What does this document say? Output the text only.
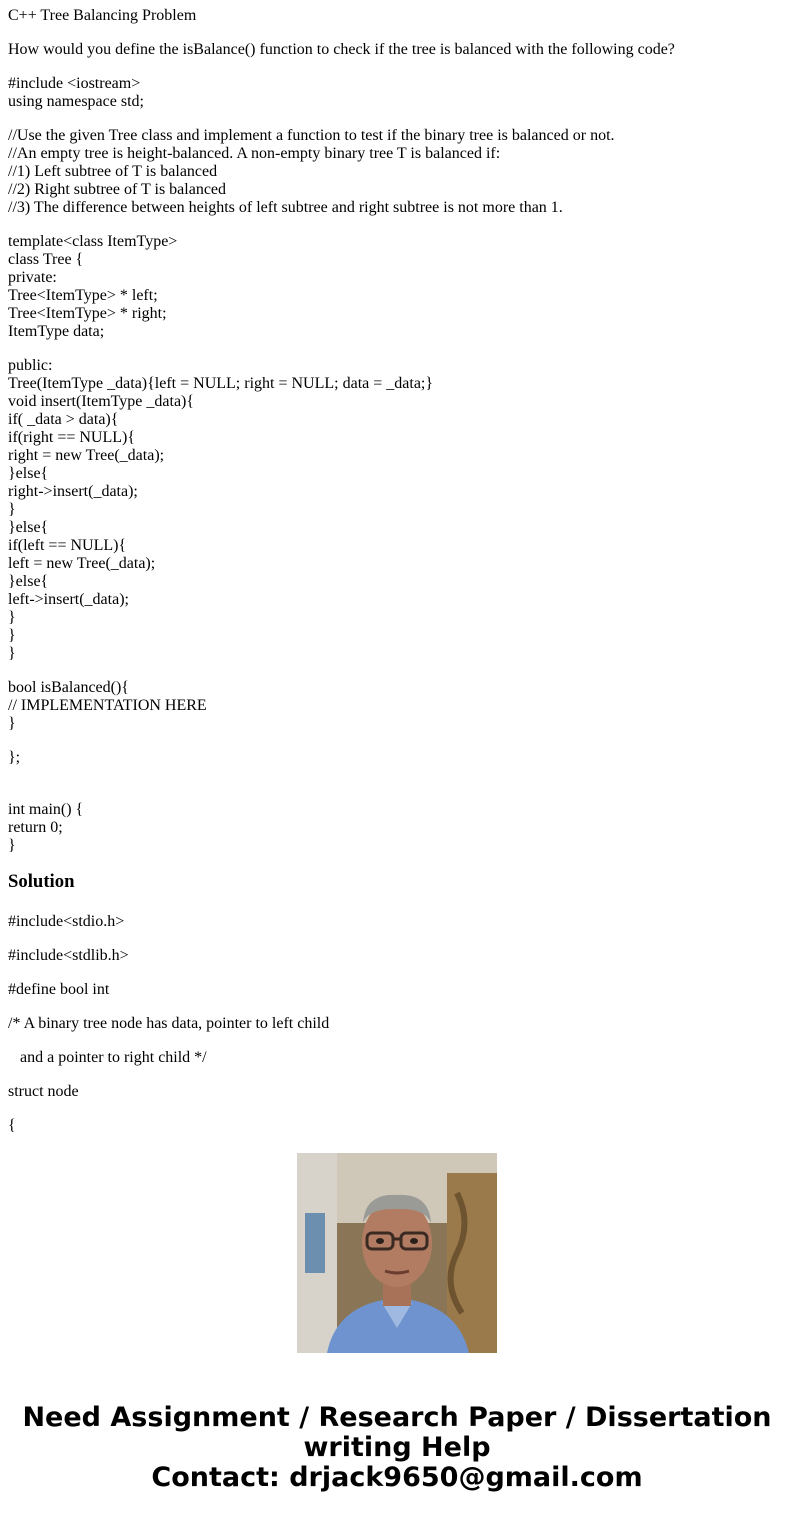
C++ Tree Balancing Problem
How would you define the isBalance() function to check if the tree is balanced with the following code?
#include <iostream>
using namespace std;
//Use the given Tree class and implement a function to test if the binary tree is balanced or not.
//An empty tree is height-balanced. A non-empty binary tree T is balanced if:
//1) Left subtree of T is balanced
//2) Right subtree of T is balanced
//3) The difference between heights of left subtree and right subtree is not more than 1.
template<class ItemType>
class Tree {
private:
Tree<ItemType> * left;
Tree<ItemType> * right;
ItemType data;
public:
Tree(ItemType _data){left = NULL; right = NULL; data = _data;}
void insert(ItemType _data){
if( _data > data){
if(right == NULL){
right = new Tree(_data);
}else{
right->insert(_data);
}
}else{
if(left == NULL){
left = new Tree(_data);
}else{
left->insert(_data);
}
}
}
bool isBalanced(){
// IMPLEMENTATION HERE
}
};
int main() {
return 0;
}
Solution
#include<stdio.h>
#include<stdlib.h>
#define bool int
/* A binary tree node has data, pointer to left child
and a pointer to right child */
struct node
{
Need Assignment / Research Paper / Dissertation
writing Help
Contact: drjack9650@gmail.com
